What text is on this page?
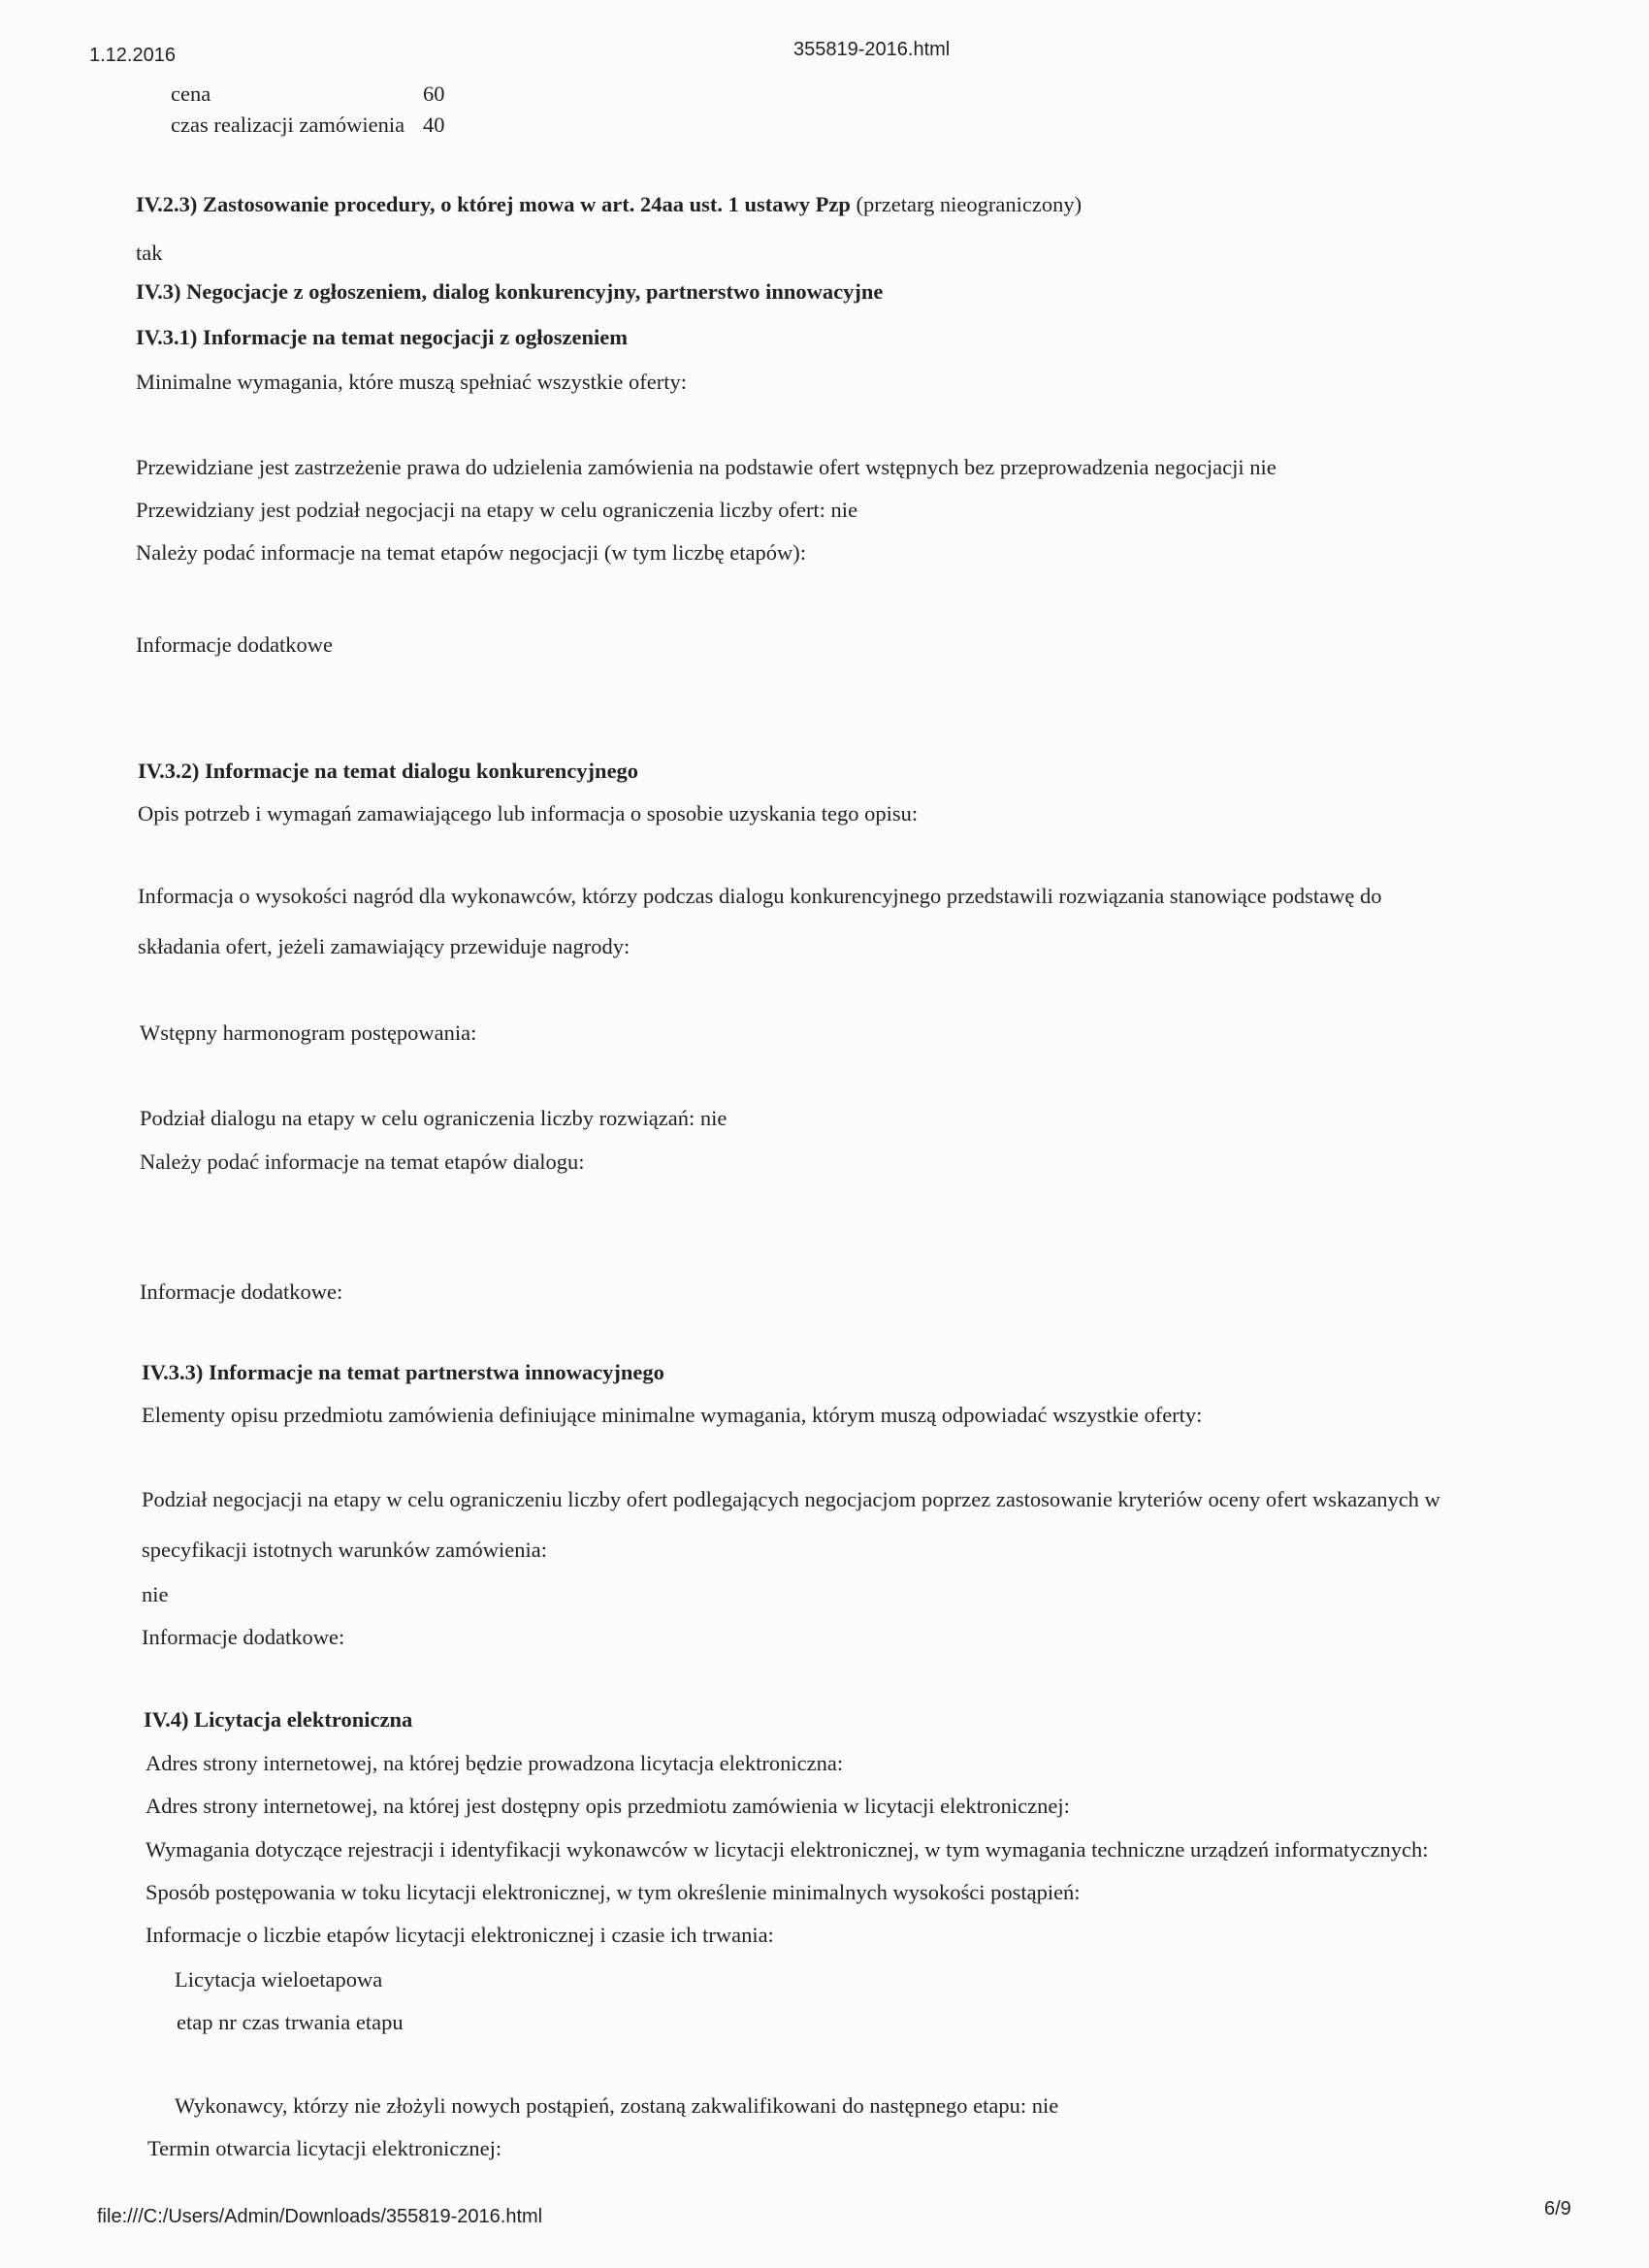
1.12.2016	355819-2016.html
cena	60
czas realizacji zamówienia 40
IV.2.3) Zastosowanie procedury, o której mowa w art. 24aa ust. 1 ustawy Pzp (przetarg nieograniczony)
tak
IV.3) Negocjacje z ogłoszeniem, dialog konkurencyjny, partnerstwo innowacyjne
IV.3.1) Informacje na temat negocjacji z ogłoszeniem
Minimalne wymagania, które muszą spełniać wszystkie oferty:
Przewidziane jest zastrzeżenie prawa do udzielenia zamówienia na podstawie ofert wstępnych bez przeprowadzenia negocjacji nie
Przewidziany jest podział negocjacji na etapy w celu ograniczenia liczby ofert: nie
Należy podać informacje na temat etapów negocjacji (w tym liczbę etapów):
Informacje dodatkowe
IV.3.2) Informacje na temat dialogu konkurencyjnego
Opis potrzeb i wymagań zamawiającego lub informacja o sposobie uzyskania tego opisu:
Informacja o wysokości nagród dla wykonawców, którzy podczas dialogu konkurencyjnego przedstawili rozwiązania stanowiące podstawę do
składania ofert, jeżeli zamawiający przewiduje nagrody:
Wstępny harmonogram postępowania:
Podział dialogu na etapy w celu ograniczenia liczby rozwiązań: nie
Należy podać informacje na temat etapów dialogu:
Informacje dodatkowe:
IV.3.3) Informacje na temat partnerstwa innowacyjnego
Elementy opisu przedmiotu zamówienia definiujące minimalne wymagania, którym muszą odpowiadać wszystkie oferty:
Podział negocjacji na etapy w celu ograniczeniu liczby ofert podlegających negocjacjom poprzez zastosowanie kryteriów oceny ofert wskazanych w
specyfikacji istotnych warunków zamówienia:
nie
Informacje dodatkowe:
IV.4) Licytacja elektroniczna
Adres strony internetowej, na której będzie prowadzona licytacja elektroniczna:
Adres strony internetowej, na której jest dostępny opis przedmiotu zamówienia w licytacji elektronicznej:
Wymagania dotyczące rejestracji i identyfikacji wykonawców w licytacji elektronicznej, w tym wymagania techniczne urządzeń informatycznych:
Sposób postępowania w toku licytacji elektronicznej, w tym określenie minimalnych wysokości postąpień:
Informacje o liczbie etapów licytacji elektronicznej i czasie ich trwania:
Licytacja wieloetapowa
etap nr czas trwania etapu
Wykonawcy, którzy nie złożyli nowych postąpień, zostaną zakwalifikowani do następnego etapu: nie
Termin otwarcia licytacji elektronicznej:
file:///C:/Users/Admin/Downloads/355819-2016.html	6/9
